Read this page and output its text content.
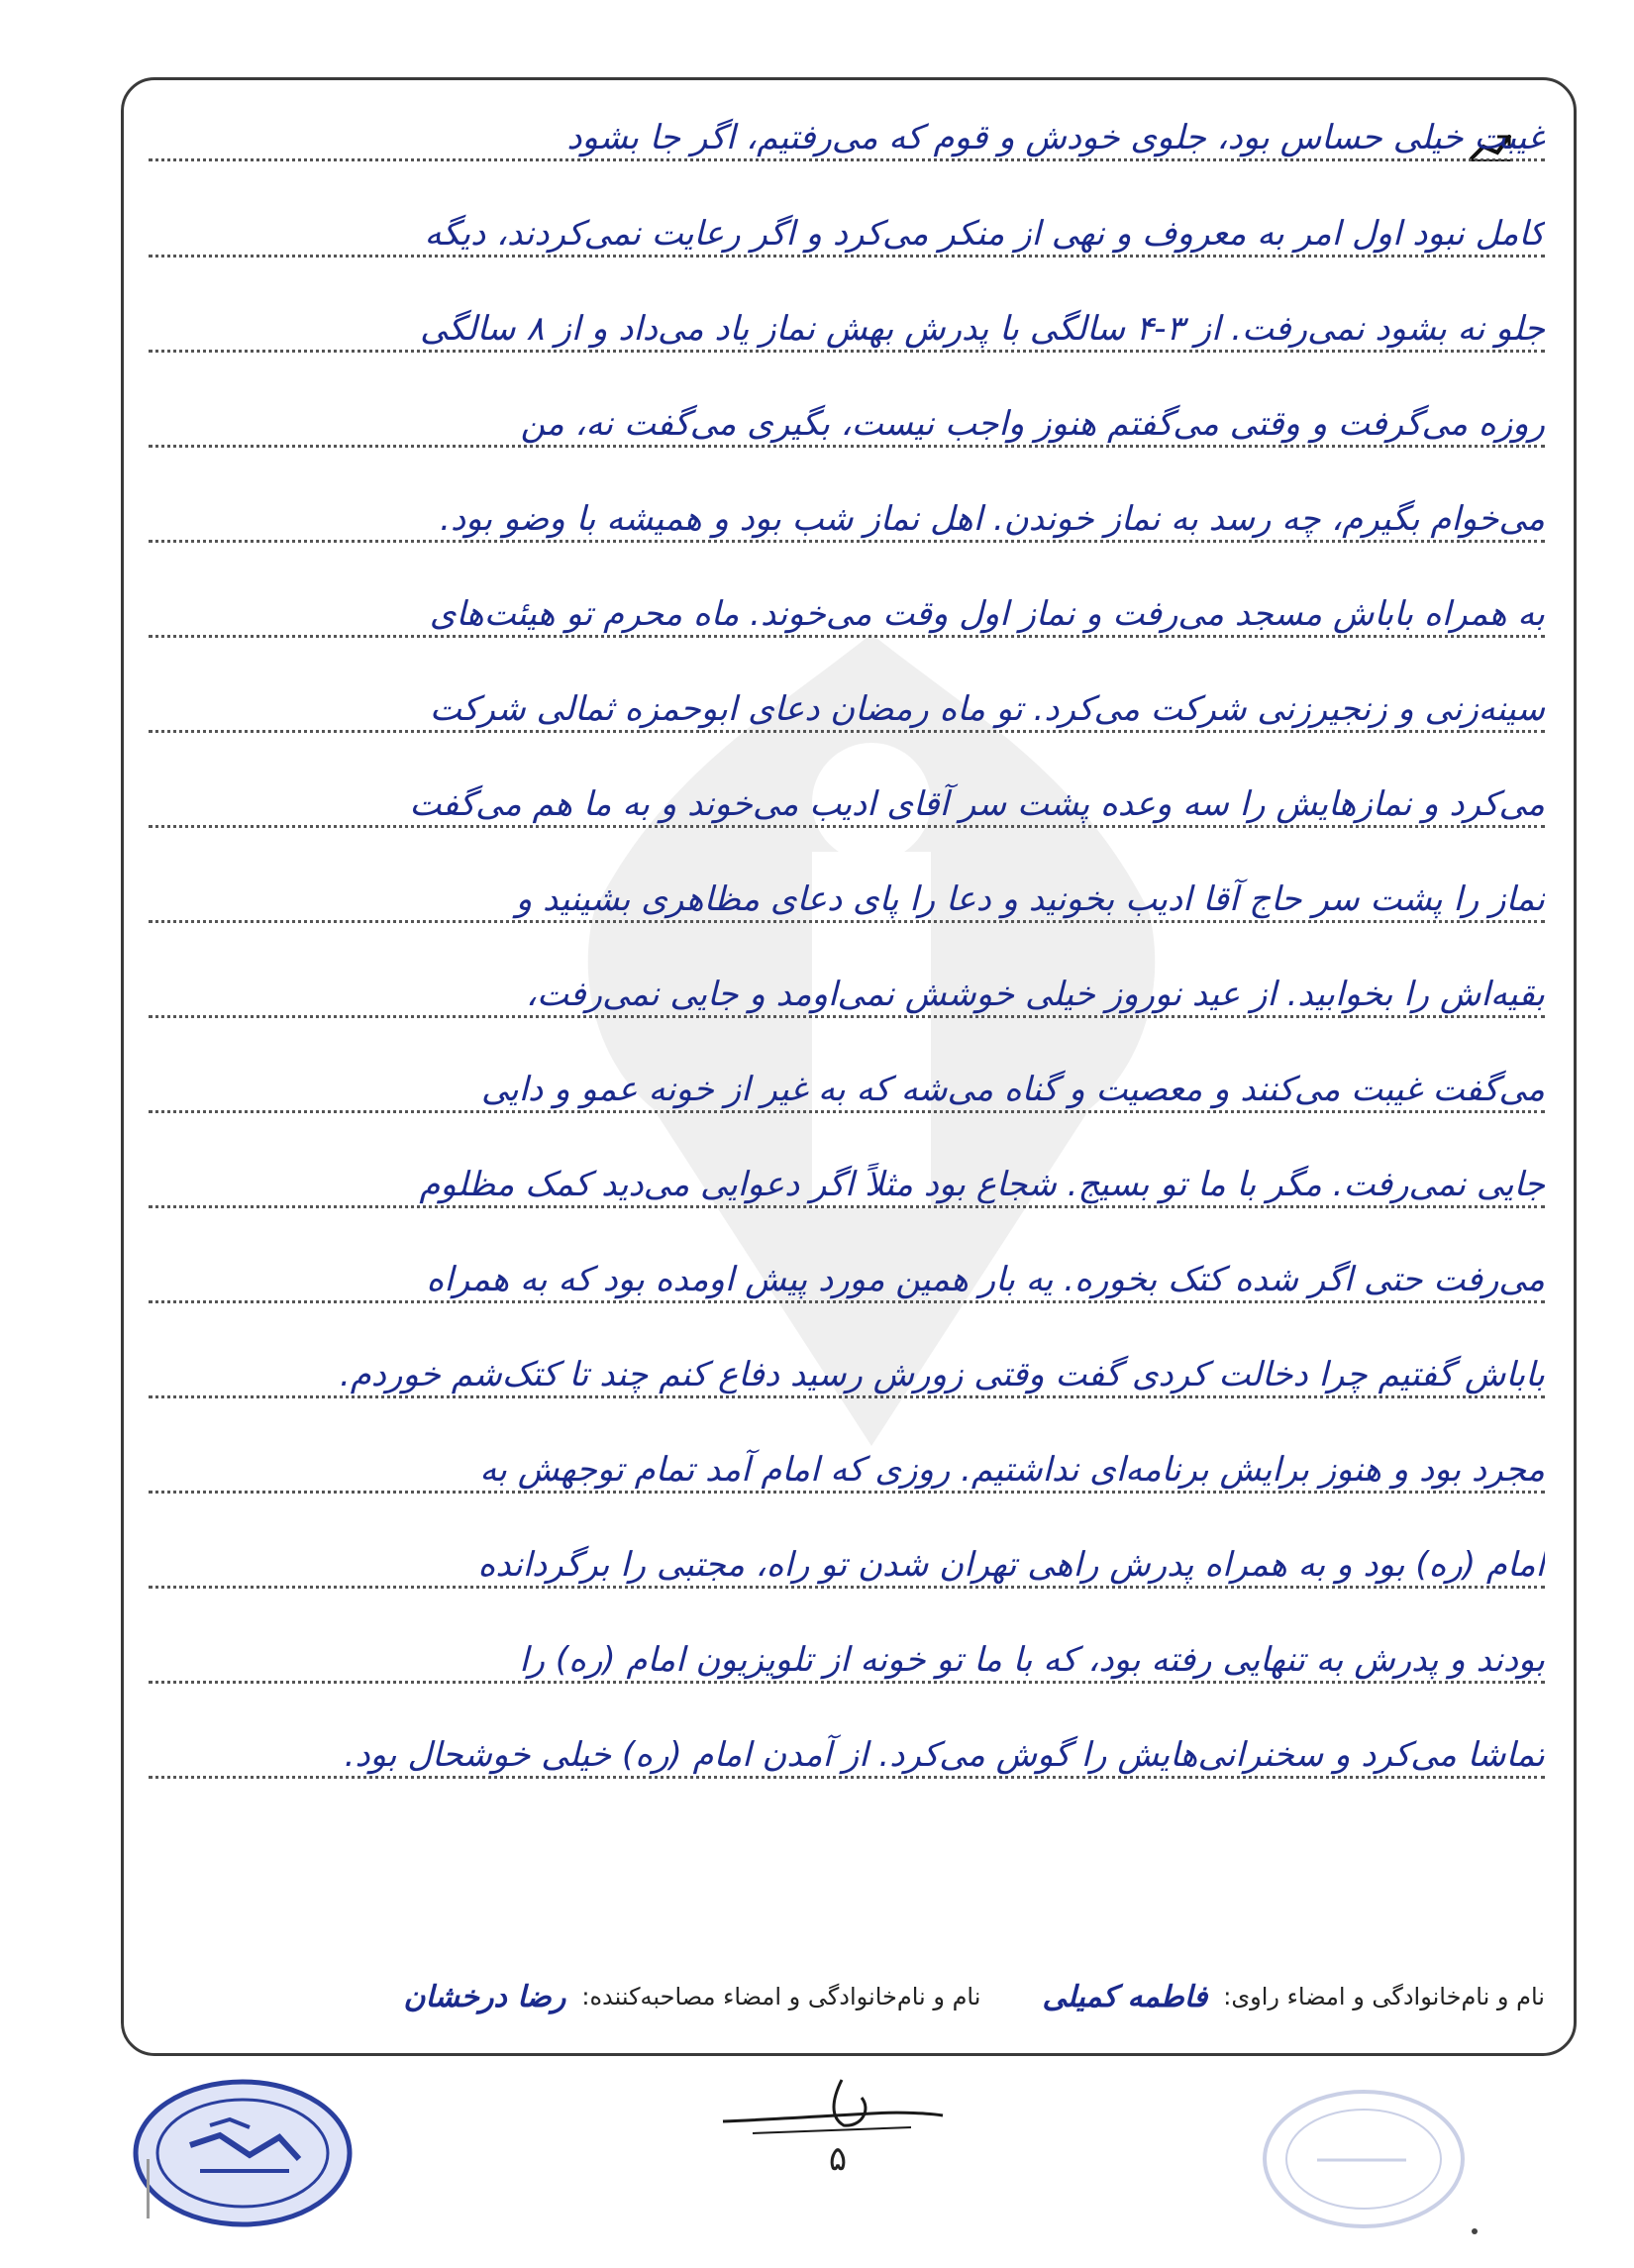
غیبت خیلی حساس بود، جلوی خودش و قوم که می‌رفتیم، اگر جا بشود
کامل نبود اول امر به معروف و نهی از منکر می‌کرد و اگر رعایت نمی‌کردند، دیگه
جلو نه بشود نمی‌رفت. از ۳-۴ سالگی با پدرش بهش نماز یاد می‌داد و از ۸ سالگی
روزه می‌گرفت و وقتی می‌گفتم هنوز واجب نیست، بگیری می‌گفت نه، من
می‌خوام بگیرم، چه رسد به نماز خوندن. اهل نماز شب بود و همیشه با وضو بود.
به همراه باباش مسجد می‌رفت و نماز اول وقت می‌خوند. ماه محرم تو هیئت‌های
سینه‌زنی و زنجیرزنی شرکت می‌کرد. تو ماه رمضان دعای ابوحمزه ثمالی شرکت
می‌کرد و نمازهایش را سه وعده پشت سر آقای ادیب می‌خوند و به ما هم می‌گفت
نماز را پشت سر حاج آقا ادیب بخونید و دعا را پای دعای مظاهری بشینید و
بقیه‌اش را بخوابید. از عید نوروز خیلی خوشش نمی‌اومد و جایی نمی‌رفت،
می‌گفت غیبت می‌کنند و معصیت و گناه می‌شه که به غیر از خونه عمو و دایی
جایی نمی‌رفت. مگر با ما تو بسیج. شجاع بود مثلاً اگر دعوایی می‌دید کمک مظلوم
می‌رفت حتی اگر شده کتک بخوره. یه بار همین مورد پیش اومده بود که به همراه
باباش گفتیم چرا دخالت کردی گفت وقتی زورش رسید دفاع کنم چند تا کتک‌شم خوردم.
مجرد بود و هنوز برایش برنامه‌ای نداشتیم. روزی که امام آمد تمام توجهش به
امام (ره) بود و به همراه پدرش راهی تهران شدن تو راه، مجتبی را برگردانده
بودند و پدرش به تنهایی رفته بود، که با ما تو خونه از تلویزیون امام (ره) را
تماشا می‌کرد و سخنرانی‌هایش را گوش می‌کرد. از آمدن امام (ره) خیلی خوشحال بود.
نام و نام‌خانوادگی و امضاء راوی:
فاطمه کمیلی
نام و نام‌خانوادگی و امضاء مصاحبه‌کننده:
رضا درخشان
۵
